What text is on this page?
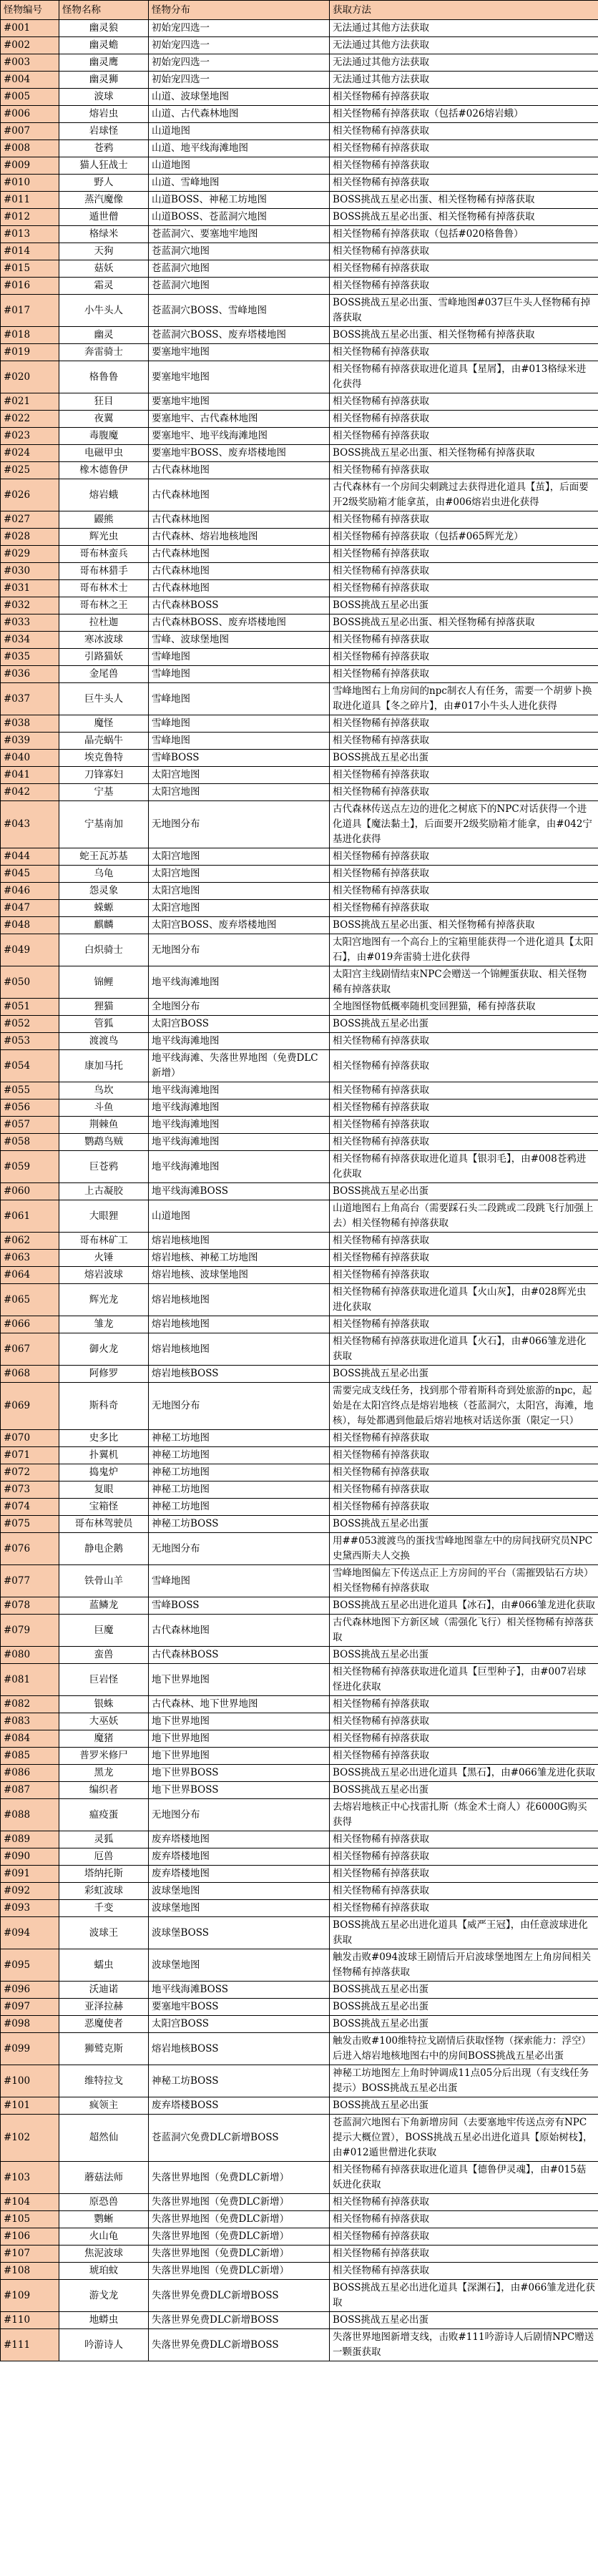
怪物编号	怪物名称	怪物分布	获取方法
#001	幽灵狼	初始宠四选一	无法通过其他方法获取
#002	幽灵蟾	初始宠四选一	无法通过其他方法获取
#003	幽灵鹰	初始宠四选一	无法通过其他方法获取
#004	幽灵狮	初始宠四选一	无法通过其他方法获取
#005	波球	山道、波球堡地图	相关怪物稀有掉落获取
#006	熔岩虫	山道、古代森林地图	相关怪物稀有掉落获取（包括#026熔岩蛾）
#007	岩球怪	山道地图	相关怪物稀有掉落获取
#008	苍鸦	山道、地平线海滩地图	相关怪物稀有掉落获取
#009	猫人狂战士	山道地图	相关怪物稀有掉落获取
#010	野人	山道、雪峰地图	相关怪物稀有掉落获取
#011	蒸汽魔像	山道BOSS、神秘工坊地图	BOSS挑战五星必出蛋、相关怪物稀有掉落获取
#012	遁世僧	山道BOSS、苍蓝洞穴地图	BOSS挑战五星必出蛋、相关怪物稀有掉落获取
#013	格绿米	苍蓝洞穴、要塞地牢地图	相关怪物稀有掉落获取（包括#020格鲁鲁）
#014	天狗	苍蓝洞穴地图	相关怪物稀有掉落获取
#015	菇妖	苍蓝洞穴地图	相关怪物稀有掉落获取
#016	霜灵	苍蓝洞穴地图	相关怪物稀有掉落获取
#017	小牛头人	苍蓝洞穴BOSS、雪峰地图	BOSS挑战五星必出蛋、雪峰地图#037巨牛头人怪物稀有掉落获取
#018	幽灵	苍蓝洞穴BOSS、废弃塔楼地图	BOSS挑战五星必出蛋、相关怪物稀有掉落获取
#019	奔雷骑士	要塞地牢地图	相关怪物稀有掉落获取
#020	格鲁鲁	要塞地牢地图	相关怪物稀有掉落获取进化道具【星屑】，由#013格绿米进化获得
#021	狂目	要塞地牢地图	相关怪物稀有掉落获取
#022	夜翼	要塞地牢、古代森林地图	相关怪物稀有掉落获取
#023	毒腹魔	要塞地牢、地平线海滩地图	相关怪物稀有掉落获取
#024	电磁甲虫	要塞地牢BOSS、废弃塔楼地图	BOSS挑战五星必出蛋、相关怪物稀有掉落获取
#025	橡木德鲁伊	古代森林地图	相关怪物稀有掉落获取
#026	熔岩蛾	古代森林地图	古代森林有一个房间尖刺跳过去获得进化道具【茧】，后面要开2级奖励箱才能拿茧，由#006熔岩虫进化获得
#027	鼹熊	古代森林地图	相关怪物稀有掉落获取
#028	辉光虫	古代森林、熔岩地核地图	相关怪物稀有掉落获取（包括#065辉光龙）
#029	哥布林蛮兵	古代森林地图	相关怪物稀有掉落获取
#030	哥布林猎手	古代森林地图	相关怪物稀有掉落获取
#031	哥布林术士	古代森林地图	相关怪物稀有掉落获取
#032	哥布林之王	古代森林BOSS	BOSS挑战五星必出蛋
#033	拉杜迦	古代森林BOSS、废弃塔楼地图	BOSS挑战五星必出蛋、相关怪物稀有掉落获取
#034	寒冰波球	雪峰、波球堡地图	相关怪物稀有掉落获取
#035	引路猫妖	雪峰地图	相关怪物稀有掉落获取
#036	金尾兽	雪峰地图	相关怪物稀有掉落获取
#037	巨牛头人	雪峰地图	雪峰地图右上角房间的npc制衣人有任务，需要一个胡萝卜换取进化道具【冬之碎片】，由#017小牛头人进化获得
#038	魔怪	雪峰地图	相关怪物稀有掉落获取
#039	晶壳蜗牛	雪峰地图	相关怪物稀有掉落获取
#040	埃克鲁特	雪峰BOSS	BOSS挑战五星必出蛋
#041	刀锋寡妇	太阳宫地图	相关怪物稀有掉落获取
#042	宁基	太阳宫地图	相关怪物稀有掉落获取
#043	宁基南加	无地图分布	古代森林传送点左边的进化之树底下的NPC对话获得一个进化道具【魔法黏土】，后面要开2级奖励箱才能拿，由#042宁基进化获得
#044	蛇王瓦苏基	太阳宫地图	相关怪物稀有掉落获取
#045	乌龟	太阳宫地图	相关怪物稀有掉落获取
#046	怨灵象	太阳宫地图	相关怪物稀有掉落获取
#047	蝾螈	太阳宫地图	相关怪物稀有掉落获取
#048	麒麟	太阳宫BOSS、废弃塔楼地图	BOSS挑战五星必出蛋、相关怪物稀有掉落获取
#049	白炽骑士	无地图分布	太阳宫地图有一个高台上的宝箱里能获得一个进化道具【太阳石】，由#019奔雷骑士进化获得
#050	锦鲤	地平线海滩地图	太阳宫主线剧情结束NPC会赠送一个锦鲤蛋获取、相关怪物稀有掉落获取
#051	狸猫	全地图分布	全地图怪物低概率随机变回狸猫，稀有掉落获取
#052	管狐	太阳宫BOSS	BOSS挑战五星必出蛋
#053	渡渡鸟	地平线海滩地图	相关怪物稀有掉落获取
#054	康加马托	地平线海滩、失落世界地图（免费DLC新增）	相关怪物稀有掉落获取
#055	鸟坎	地平线海滩地图	相关怪物稀有掉落获取
#056	斗鱼	地平线海滩地图	相关怪物稀有掉落获取
#057	荆棘鱼	地平线海滩地图	相关怪物稀有掉落获取
#058	鹦鹉鸟贼	地平线海滩地图	相关怪物稀有掉落获取
#059	巨苍鸦	地平线海滩地图	相关怪物稀有掉落获取进化道具【银羽毛】，由#008苍鸦进化获取
#060	上古凝胶	地平线海滩BOSS	BOSS挑战五星必出蛋
#061	大眼狸	山道地图	山道地图右上角高台（需要踩石头二段跳或二段跳飞行加强上去）相关怪物稀有掉落获取
#062	哥布林矿工	熔岩地核地图	相关怪物稀有掉落获取
#063	火锤	熔岩地核、神秘工坊地图	相关怪物稀有掉落获取
#064	熔岩波球	熔岩地核、波球堡地图	相关怪物稀有掉落获取
#065	辉光龙	熔岩地核地图	相关怪物稀有掉落获取进化道具【火山灰】，由#028辉光虫进化获取
#066	雏龙	熔岩地核地图	相关怪物稀有掉落获取
#067	御火龙	熔岩地核地图	相关怪物稀有掉落获取进化道具【火石】，由#066雏龙进化获取
#068	阿修罗	熔岩地核BOSS	BOSS挑战五星必出蛋
#069	斯科奇	无地图分布	需要完成支线任务，找到那个带着斯科奇到处旅游的npc，起始是在太阳宫终点是熔岩地核（苍蓝洞穴，太阳宫，海滩，地核），每处都遇到他最后熔岩地核对话送你蛋（限定一只）
#070	史多比	神秘工坊地图	相关怪物稀有掉落获取
#071	扑翼机	神秘工坊地图	相关怪物稀有掉落获取
#072	捣鬼炉	神秘工坊地图	相关怪物稀有掉落获取
#073	复眼	神秘工坊地图	相关怪物稀有掉落获取
#074	宝箱怪	神秘工坊地图	相关怪物稀有掉落获取
#075	哥布林驾驶员	神秘工坊BOSS	BOSS挑战五星必出蛋
#076	静电企鹅	无地图分布	用##053渡渡鸟的蛋找雪峰地图靠左中的房间找研究员NPC史黛西斯夫人交换
#077	铁骨山羊	雪峰地图	雪峰地图偏左下传送点正上方房间的平台（需摧毁钻石方块）相关怪物稀有掉落获取
#078	蓝鳞龙	雪峰BOSS	BOSS挑战五星必出进化道具【冰石】，由#066雏龙进化获取
#079	巨魔	古代森林地图	古代森林地图下方新区域（需强化飞行）相关怪物稀有掉落获取
#080	蛮兽	古代森林BOSS	BOSS挑战五星必出蛋
#081	巨岩怪	地下世界地图	相关怪物稀有掉落获取进化道具【巨型种子】，由#007岩球怪进化获取
#082	银蛛	古代森林、地下世界地图	相关怪物稀有掉落获取
#083	大巫妖	地下世界地图	相关怪物稀有掉落获取
#084	魔猪	地下世界地图	相关怪物稀有掉落获取
#085	普罗米修尸	地下世界地图	相关怪物稀有掉落获取
#086	黑龙	地下世界BOSS	BOSS挑战五星必出进化道具【黑石】，由#066雏龙进化获取
#087	编织者	地下世界BOSS	BOSS挑战五星必出蛋
#088	瘟疫蛋	无地图分布	去熔岩地核正中心找雷扎斯（炼金术士商人）花6000G购买获得
#089	灵狐	废弃塔楼地图	相关怪物稀有掉落获取
#090	厄兽	废弃塔楼地图	相关怪物稀有掉落获取
#091	塔纳托斯	废弃塔楼地图	相关怪物稀有掉落获取
#092	彩虹波球	波球堡地图	相关怪物稀有掉落获取
#093	千变	波球堡地图	相关怪物稀有掉落获取
#094	波球王	波球堡BOSS	BOSS挑战五星必出进化道具【威严王冠】，由任意波球进化获取
#095	蠕虫	波球堡地图	触发击败#094波球王剧情后开启波球堡地图左上角房间相关怪物稀有掉落获取
#096	沃迪诺	地平线海滩BOSS	BOSS挑战五星必出蛋
#097	亚泽拉赫	要塞地牢BOSS	BOSS挑战五星必出蛋
#098	恶魔使者	太阳宫BOSS	BOSS挑战五星必出蛋
#099	狮鹫克斯	熔岩地核BOSS	触发击败#100维特拉戈剧情后获取怪物（探索能力：浮空）后进入熔岩地核地图右中的房间BOSS挑战五星必出蛋
#100	维特拉戈	神秘工坊BOSS	神秘工坊地图左上角时钟调成11点05分后出现（有支线任务提示）BOSS挑战五星必出蛋
#101	疯领主	废弃塔楼BOSS	BOSS挑战五星必出蛋
#102	超然仙	苍蓝洞穴免费DLC新增BOSS	苍蓝洞穴地图右下角新增房间（去要塞地牢传送点旁有NPC提示大概位置），BOSS挑战五星必出进化道具【原始树枝】，由#012遁世僧进化获取
#103	蘑菇法师	失落世界地图（免费DLC新增）	相关怪物稀有掉落获取进化道具【德鲁伊灵魂】，由#015菇妖进化获取
#104	原恐兽	失落世界地图（免费DLC新增）	相关怪物稀有掉落获取
#105	鹦蜥	失落世界地图（免费DLC新增）	相关怪物稀有掉落获取
#106	火山龟	失落世界地图（免费DLC新增）	相关怪物稀有掉落获取
#107	焦泥波球	失落世界地图（免费DLC新增）	相关怪物稀有掉落获取
#108	琥珀蚊	失落世界地图（免费DLC新增）	相关怪物稀有掉落获取
#109	游戈龙	失落世界免费DLC新增BOSS	BOSS挑战五星必出进化道具【深渊石】，由#066雏龙进化获取
#110	地蟒虫	失落世界免费DLC新增BOSS	BOSS挑战五星必出蛋
#111	吟游诗人	失落世界免费DLC新增BOSS	失落世界地图新增支线，击败#111吟游诗人后剧情NPC赠送一颗蛋获取
